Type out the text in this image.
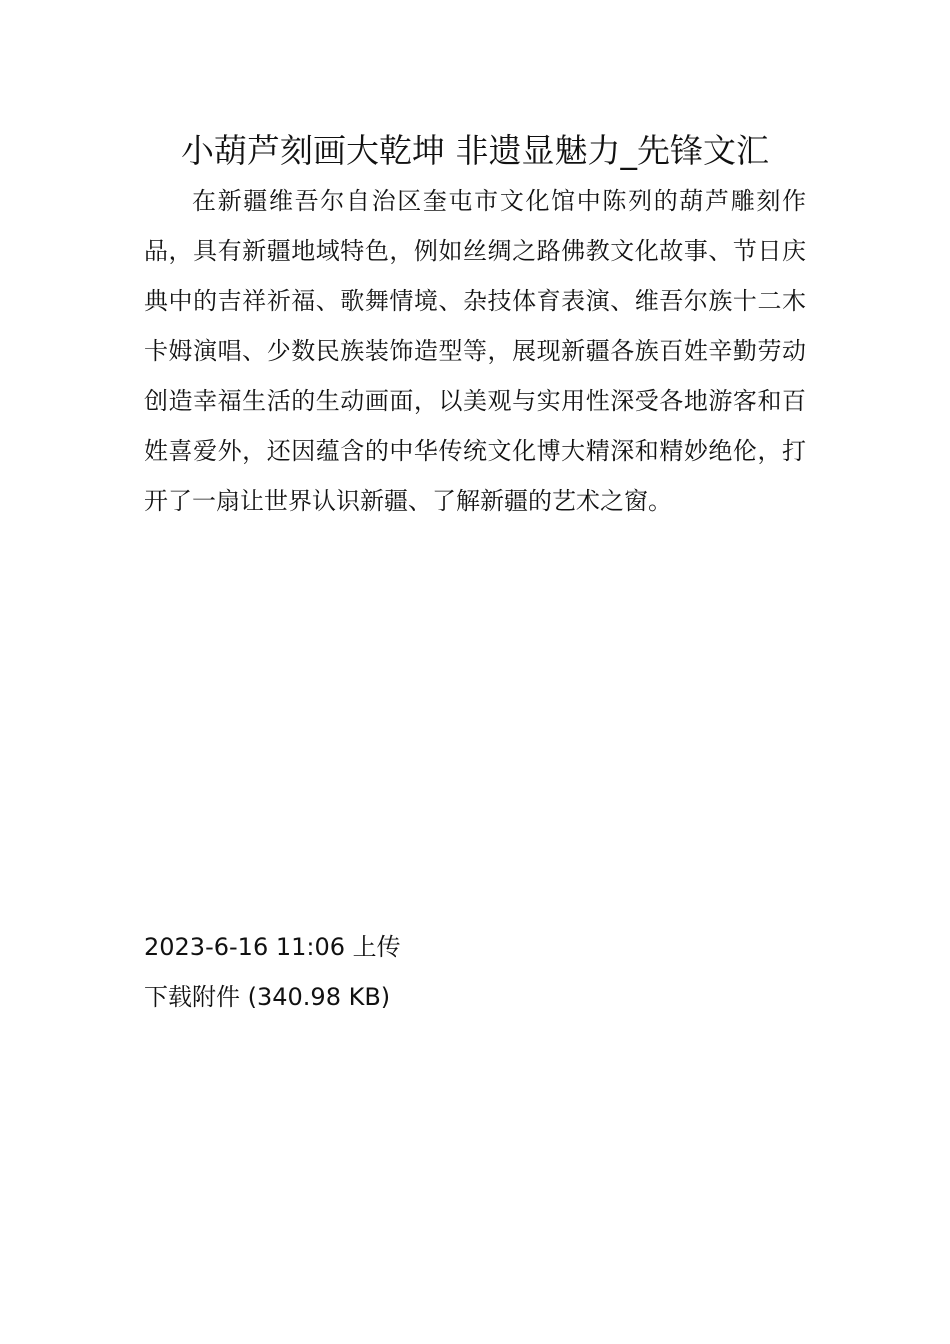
小葫芦刻画大乾坤 非遗显魅力_先锋文汇

在新疆维吾尔自治区奎屯市文化馆中陈列的葫芦雕刻作品，具有新疆地域特色，例如丝绸之路佛教文化故事、节日庆典中的吉祥祈福、歌舞情境、杂技体育表演、维吾尔族十二木卡姆演唱、少数民族装饰造型等，展现新疆各族百姓辛勤劳动创造幸福生活的生动画面，以美观与实用性深受各地游客和百姓喜爱外，还因蕴含的中华传统文化博大精深和精妙绝伦，打开了一扇让世界认识新疆、了解新疆的艺术之窗。

2023-6-16 11:06 上传

下载附件 (340.98 KB)
